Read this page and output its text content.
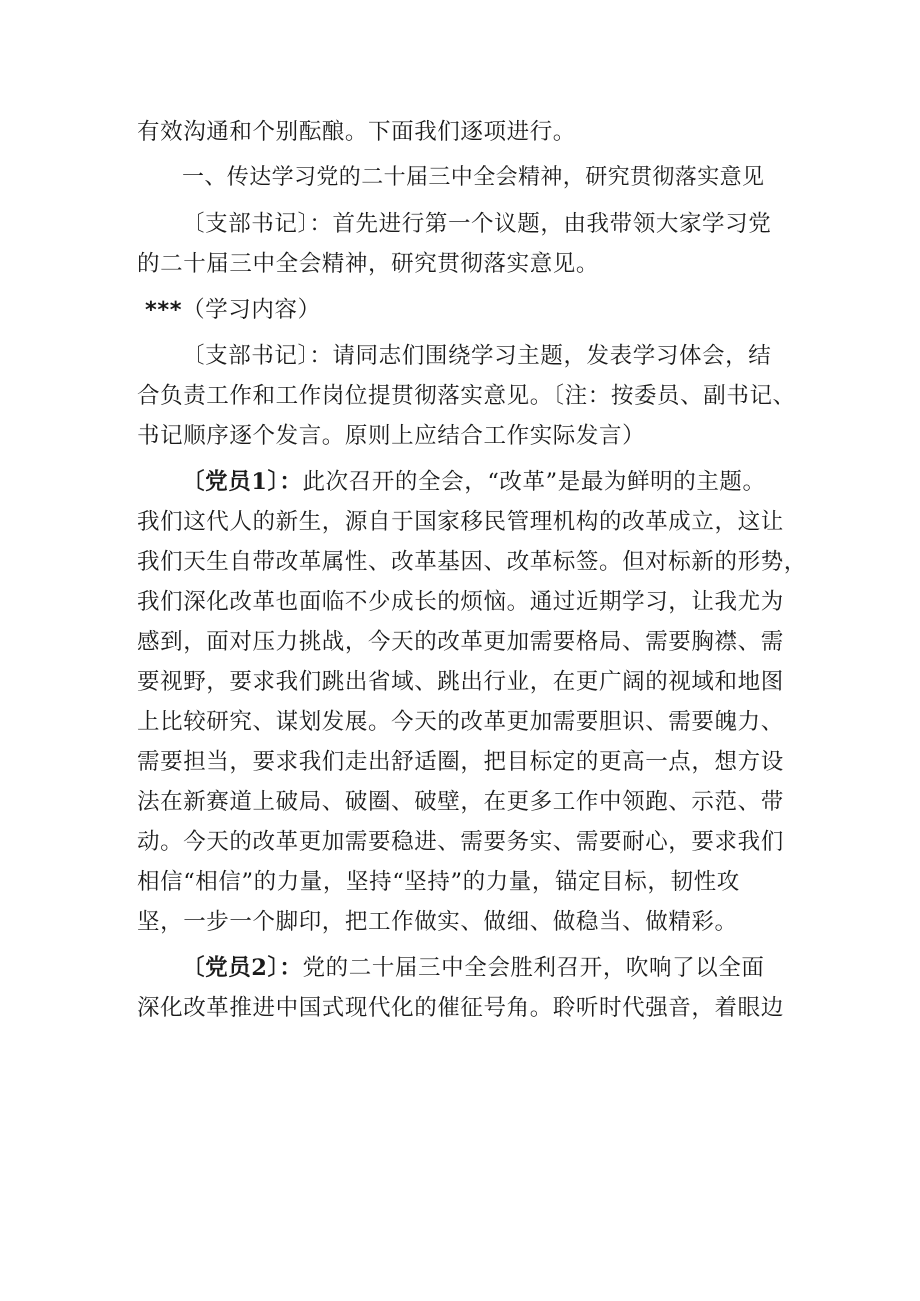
有效沟通和个别酝酿。下面我们逐项进行。

一、传达学习党的二十届三中全会精神，研究贯彻落实意见

〔支部书记〕：首先进行第一个议题，由我带领大家学习党
的二十届三中全会精神，研究贯彻落实意见。

***（学习内容）

〔支部书记〕：请同志们围绕学习主题，发表学习体会，结
合负责工作和工作岗位提贯彻落实意见。〔注：按委员、副书记、
书记顺序逐个发言。原则上应结合工作实际发言）

〔党员1〕：此次召开的全会，“改革”是最为鲜明的主题。
我们这代人的新生，源自于国家移民管理机构的改革成立，这让
我们天生自带改革属性、改革基因、改革标签。但对标新的形势，
我们深化改革也面临不少成长的烦恼。通过近期学习，让我尤为
感到，面对压力挑战，今天的改革更加需要格局、需要胸襟、需
要视野，要求我们跳出省域、跳出行业，在更广阔的视域和地图
上比较研究、谋划发展。今天的改革更加需要胆识、需要魄力、
需要担当，要求我们走出舒适圈，把目标定的更高一点，想方设
法在新赛道上破局、破圈、破壁，在更多工作中领跑、示范、带
动。今天的改革更加需要稳进、需要务实、需要耐心，要求我们
相信“相信”的力量，坚持“坚持”的力量，锚定目标，韧性攻
坚，一步一个脚印，把工作做实、做细、做稳当、做精彩。

〔党员2〕：党的二十届三中全会胜利召开，吹响了以全面
深化改革推进中国式现代化的催征号角。聆听时代强音，着眼边
